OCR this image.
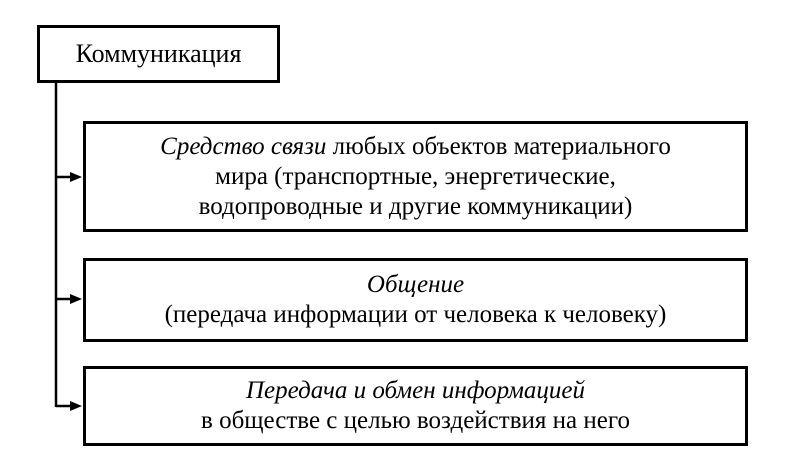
Коммуникация
Средство связи любых объектов материального
мира (транспортные, энергетические,
водопроводные и другие коммуникации)
Общение
(передача информации от человека к человеку)
Передача и обмен информацией
в обществе с целью воздействия на него
